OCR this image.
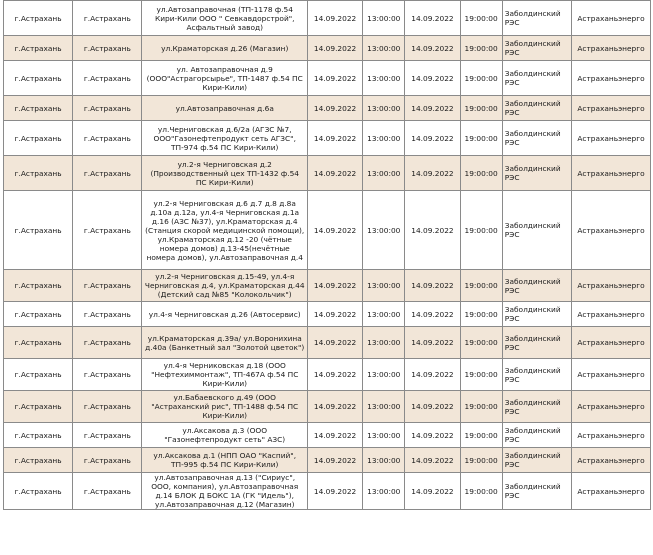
г.Астрахань	г.Астрахань	ул.Автозаправочная (ТП-1178 ф.54 Кири-Кили ООО " Севкавдорстрой", Асфальтный завод)	14.09.2022	13:00:00	14.09.2022	19:00:00	Заболдинский РЭС	Астраханьэнерго
г.Астрахань	г.Астрахань	ул.Краматорская д.26 (Магазин)	14.09.2022	13:00:00	14.09.2022	19:00:00	Заболдинский РЭС	Астраханьэнерго
г.Астрахань	г.Астрахань	ул. Автозаправочная д.9 (ООО"Астрагорсырье", ТП-1487 ф.54 ПС Кири-Кили)	14.09.2022	13:00:00	14.09.2022	19:00:00	Заболдинский РЭС	Астраханьэнерго
г.Астрахань	г.Астрахань	ул.Автозаправочная д.6а	14.09.2022	13:00:00	14.09.2022	19:00:00	Заболдинский РЭС	Астраханьэнерго
г.Астрахань	г.Астрахань	ул.Черниговская д.6/2а (АГЗС №7, ООО"Газонефтепродукт сеть АГЗС", ТП-974 ф.54 ПС Кири-Кили)	14.09.2022	13:00:00	14.09.2022	19:00:00	Заболдинский РЭС	Астраханьэнерго
г.Астрахань	г.Астрахань	ул.2-я Черниговская д.2 (Производственный цех ТП-1432 ф.54 ПС Кири-Кили)	14.09.2022	13:00:00	14.09.2022	19:00:00	Заболдинский РЭС	Астраханьэнерго
г.Астрахань	г.Астрахань	ул.2-я Черниговская д.6 д.7 д.8 д.8а д.10а д.12а, ул.4-я Черниговская д.1а д.16 (АЗС №37), ул.Краматорская д.4 (Станция скорой медицинской помощи), ул.Краматорская д.12 -20 (чётные номера домов) д.13-45(нечётные номера домов), ул.Автозаправочная д.4	14.09.2022	13:00:00	14.09.2022	19:00:00	Заболдинский РЭС	Астраханьэнерго
г.Астрахань	г.Астрахань	ул.2-я Черниговская д.15-49, ул.4-я Черниговская д.4, ул.Краматорская д.44 (Детский сад №85 "Колокольчик")	14.09.2022	13:00:00	14.09.2022	19:00:00	Заболдинский РЭС	Астраханьэнерго
г.Астрахань	г.Астрахань	ул.4-я Черниговская д.26 (Автосервис)	14.09.2022	13:00:00	14.09.2022	19:00:00	Заболдинский РЭС	Астраханьэнерго
г.Астрахань	г.Астрахань	ул.Краматорская д.39а/ ул.Воронихина д.40а (Банкетный зал "Золотой цветок")	14.09.2022	13:00:00	14.09.2022	19:00:00	Заболдинский РЭС	Астраханьэнерго
г.Астрахань	г.Астрахань	ул.4-я Черниковская д.18 (ООО "Нефтехиммонтаж", ТП-467А ф.54 ПС Кири-Кили)	14.09.2022	13:00:00	14.09.2022	19:00:00	Заболдинский РЭС	Астраханьэнерго
г.Астрахань	г.Астрахань	ул.Бабаевского д.49 (ООО "Астраханский рис", ТП-1488 ф.54 ПС Кири-Кили)	14.09.2022	13:00:00	14.09.2022	19:00:00	Заболдинский РЭС	Астраханьэнерго
г.Астрахань	г.Астрахань	ул.Аксакова д.3 (ООО "Газонефтепродукт сеть" АЗС)	14.09.2022	13:00:00	14.09.2022	19:00:00	Заболдинский РЭС	Астраханьэнерго
г.Астрахань	г.Астрахань	ул.Аксакова д.1 (НПП ОАО "Каспий", ТП-995 ф.54 ПС Кири-Кили)	14.09.2022	13:00:00	14.09.2022	19:00:00	Заболдинский РЭС	Астраханьэнерго
г.Астрахань	г.Астрахань	ул.Автозаправочная д.13 ("Сириус", ООО, компания), ул.Автозаправочная д.14 БЛОК Д БОКС 1А (ГК "Идель"), ул.Автозаправочная д.12 (Магазин)	14.09.2022	13:00:00	14.09.2022	19:00:00	Заболдинский РЭС	Астраханьэнерго
